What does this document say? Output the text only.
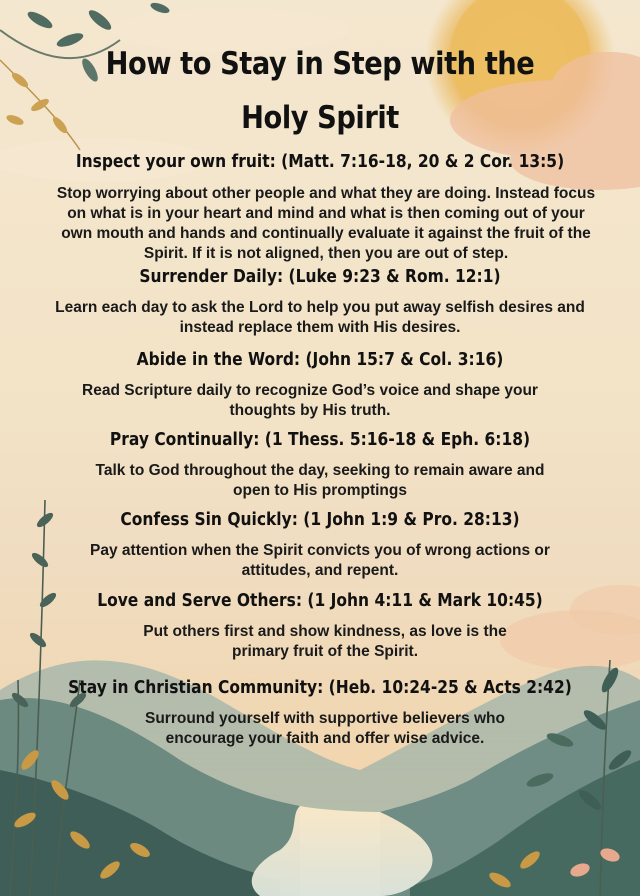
How to Stay in Step with the
Holy Spirit
Inspect your own fruit: (Matt. 7:16-18, 20 & 2 Cor. 13:5)

Stop worrying about other people and what they are doing. Instead focus on what is in your heart and mind and what is then coming out of your own mouth and hands and continually evaluate it against the fruit of the Spirit. If it is not aligned, then you are out of step.

Surrender Daily: (Luke 9:23 & Rom. 12:1)

Learn each day to ask the Lord to help you put away selfish desires and instead replace them with His desires.

Abide in the Word: (John 15:7 & Col. 3:16)

Read Scripture daily to recognize God’s voice and shape your thoughts by His truth.

Pray Continually: (1 Thess. 5:16-18 & Eph. 6:18)

Talk to God throughout the day, seeking to remain aware and open to His promptings

Confess Sin Quickly: (1 John 1:9 & Pro. 28:13)

Pay attention when the Spirit convicts you of wrong actions or attitudes, and repent.

Love and Serve Others: (1 John 4:11 & Mark 10:45)

Put others first and show kindness, as love is the primary fruit of the Spirit.

Stay in Christian Community: (Heb. 10:24-25 & Acts 2:42)

Surround yourself with supportive believers who encourage your faith and offer wise advice.
